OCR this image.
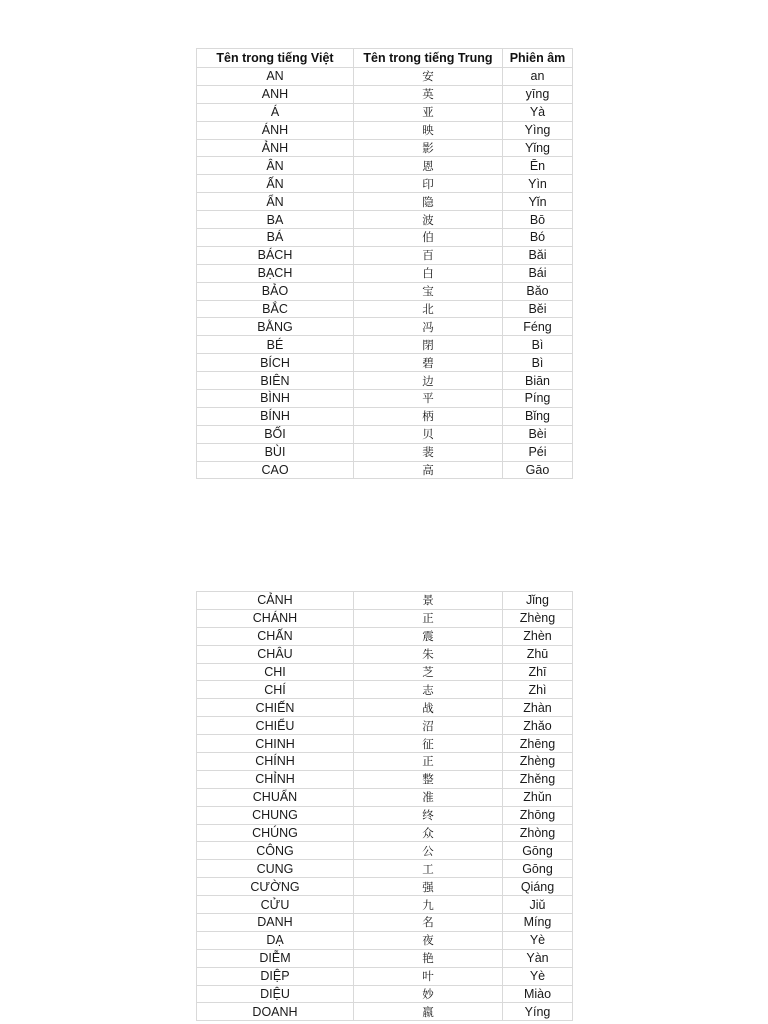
Tên trong tiếng Việt	Tên trong tiếng Trung	Phiên âm
AN	安	an
ANH	英	yīng
Á	亚	Yà
ÁNH	映	Yìng
ẢNH	影	Yǐng
ÂN	恩	Ēn
ẤN	印	Yìn
ẨN	隐	Yǐn
BA	波	Bō
BÁ	伯	Bó
BÁCH	百	Bǎi
BẠCH	白	Bái
BẢO	宝	Bǎo
BẮC	北	Běi
BẰNG	冯	Féng
BÉ	閉	Bì
BÍCH	碧	Bì
BIÊN	边	Biān
BÌNH	平	Píng
BÍNH	柄	Bǐng
BỐI	贝	Bèi
BÙI	裴	Péi
CAO	高	Gāo
CẢNH	景	Jǐng
CHÁNH	正	Zhèng
CHẤN	震	Zhèn
CHÂU	朱	Zhū
CHI	芝	Zhī
CHÍ	志	Zhì
CHIẾN	战	Zhàn
CHIỂU	沼	Zhǎo
CHINH	征	Zhēng
CHÍNH	正	Zhèng
CHỈNH	整	Zhěng
CHUẨN	准	Zhǔn
CHUNG	终	Zhōng
CHÚNG	众	Zhòng
CÔNG	公	Gōng
CUNG	工	Gōng
CƯỜNG	强	Qiáng
CỬU	九	Jiǔ
DANH	名	Míng
DẠ	夜	Yè
DIỄM	艳	Yàn
DIỆP	叶	Yè
DIỆU	妙	Miào
DOANH	嬴	Yíng
